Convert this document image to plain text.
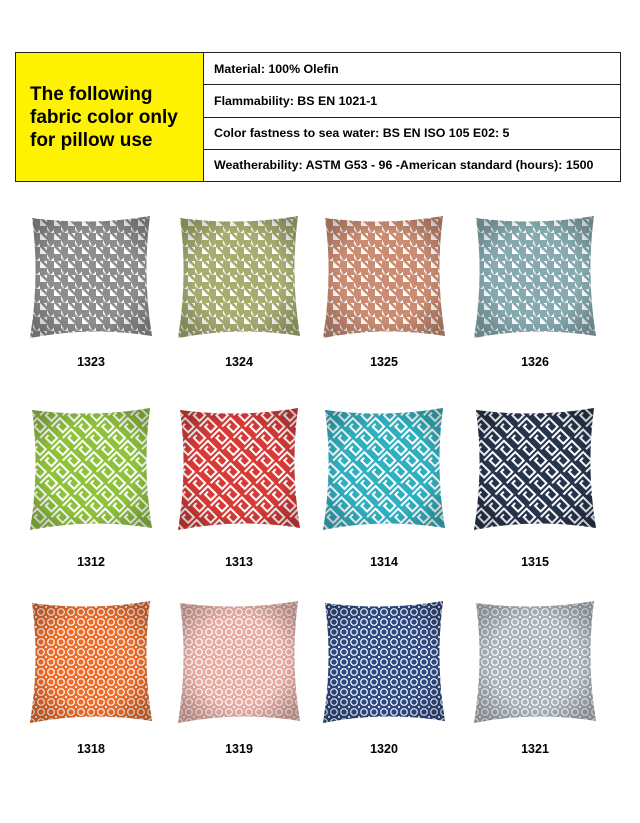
The following
fabric color only
for pillow use
Material: 100% Olefin
Flammability: BS EN 1021-1
Color fastness to sea water: BS EN ISO 105 E02: 5
Weatherability: ASTM G53 - 96 -American standard (hours): 1500
1323	1324	1325	1326
1312	1313	1314	1315
1318	1319	1320	1321
